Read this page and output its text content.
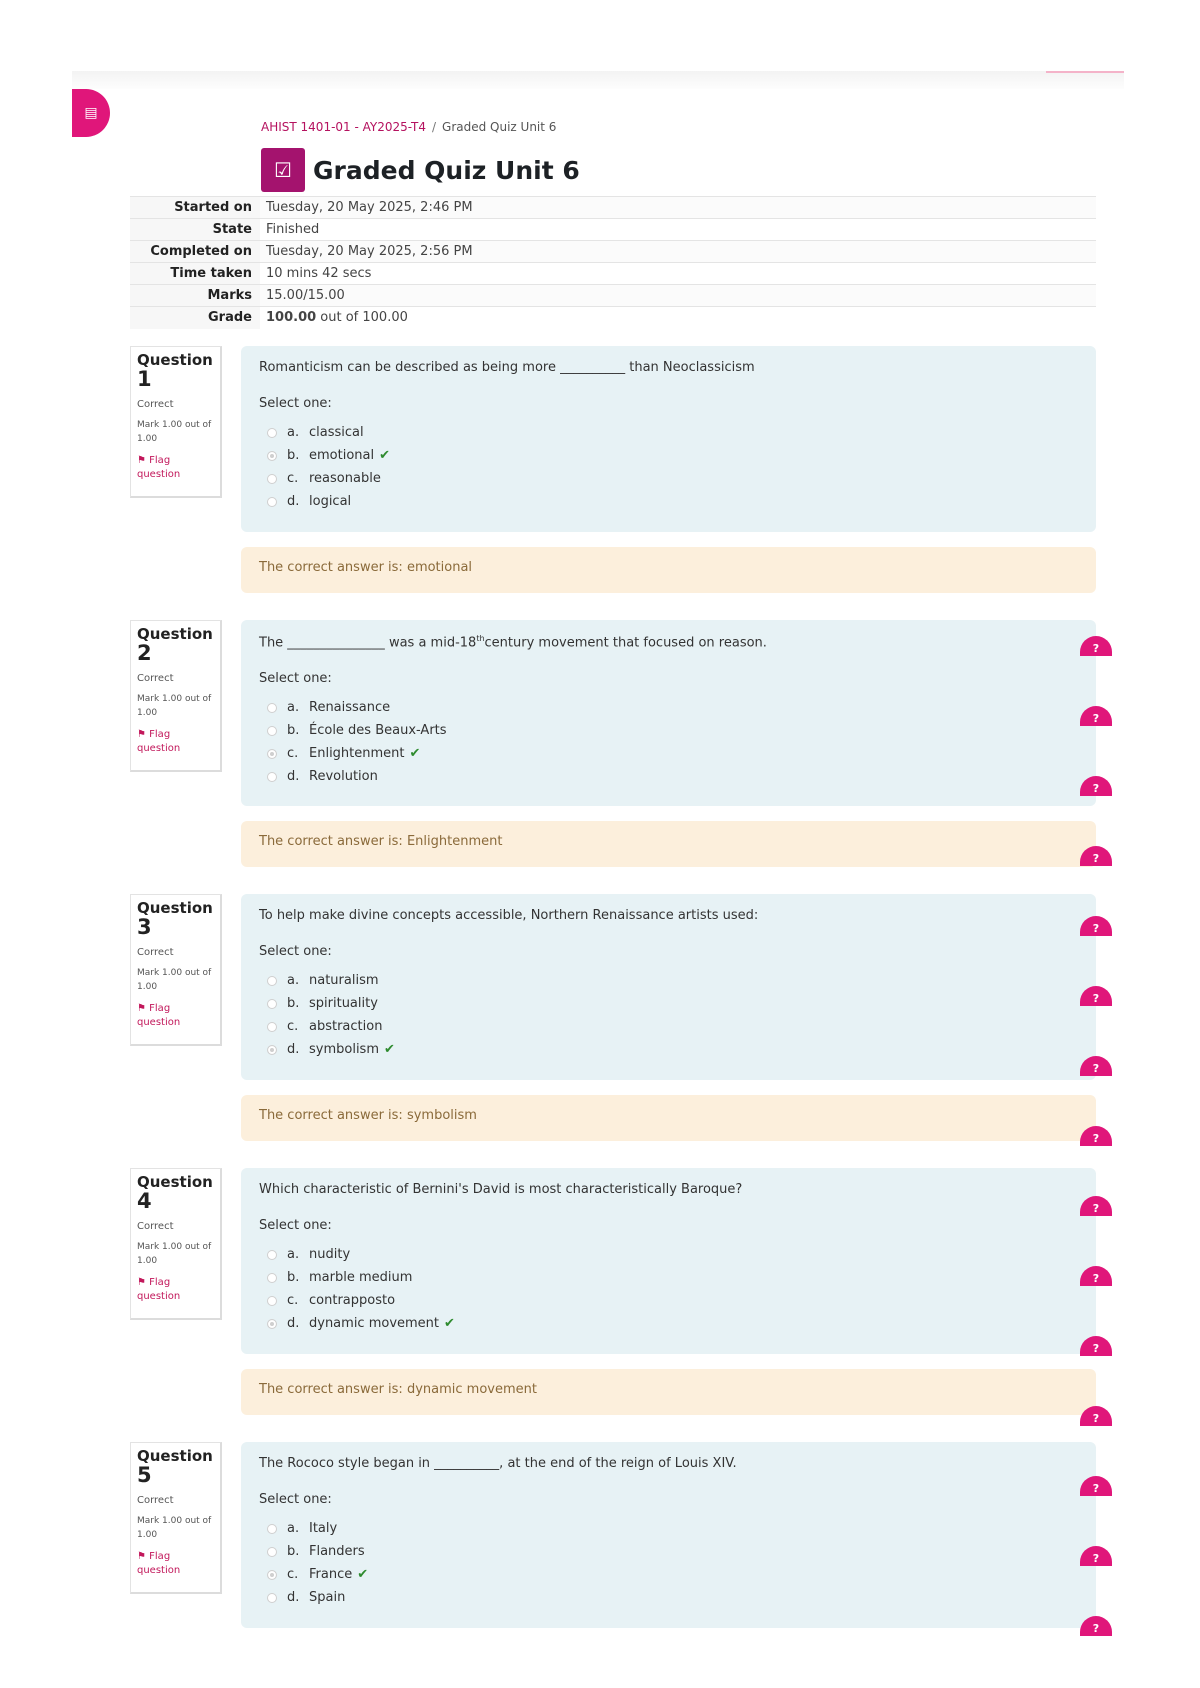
▤
AHIST 1401-01 - AY2025-T4 / Graded Quiz Unit 6
☑ Graded Quiz Unit 6
Started on	Tuesday, 20 May 2025, 2:46 PM
State	Finished
Completed on	Tuesday, 20 May 2025, 2:56 PM
Time taken	10 mins 42 secs
Marks	15.00/15.00
Grade	100.00 out of 100.00
Question
1
Correct
Mark 1.00 out of 1.00
⚑ Flag question
Romanticism can be described as being more __________ than Neoclassicism
Select one:
a. classical
b. emotional ✔
c. reasonable
d. logical
The correct answer is: emotional
Question
2
Correct
Mark 1.00 out of 1.00
⚑ Flag question
The _______________ was a mid-18thcentury movement that focused on reason.
Select one:
a. Renaissance
b. École des Beaux-Arts
c. Enlightenment ✔
d. Revolution
The correct answer is: Enlightenment
Question
3
Correct
Mark 1.00 out of 1.00
⚑ Flag question
To help make divine concepts accessible, Northern Renaissance artists used:
Select one:
a. naturalism
b. spirituality
c. abstraction
d. symbolism ✔
The correct answer is: symbolism
Question
4
Correct
Mark 1.00 out of 1.00
⚑ Flag question
Which characteristic of Bernini's David is most characteristically Baroque?
Select one:
a. nudity
b. marble medium
c. contrapposto
d. dynamic movement ✔
The correct answer is: dynamic movement
Question
5
Correct
Mark 1.00 out of 1.00
⚑ Flag question
The Rococo style began in __________, at the end of the reign of Louis XIV.
Select one:
a. Italy
b. Flanders
c. France ✔
d. Spain
?
?
?
?
?
?
?
?
?
?
?
?
?
?
?
